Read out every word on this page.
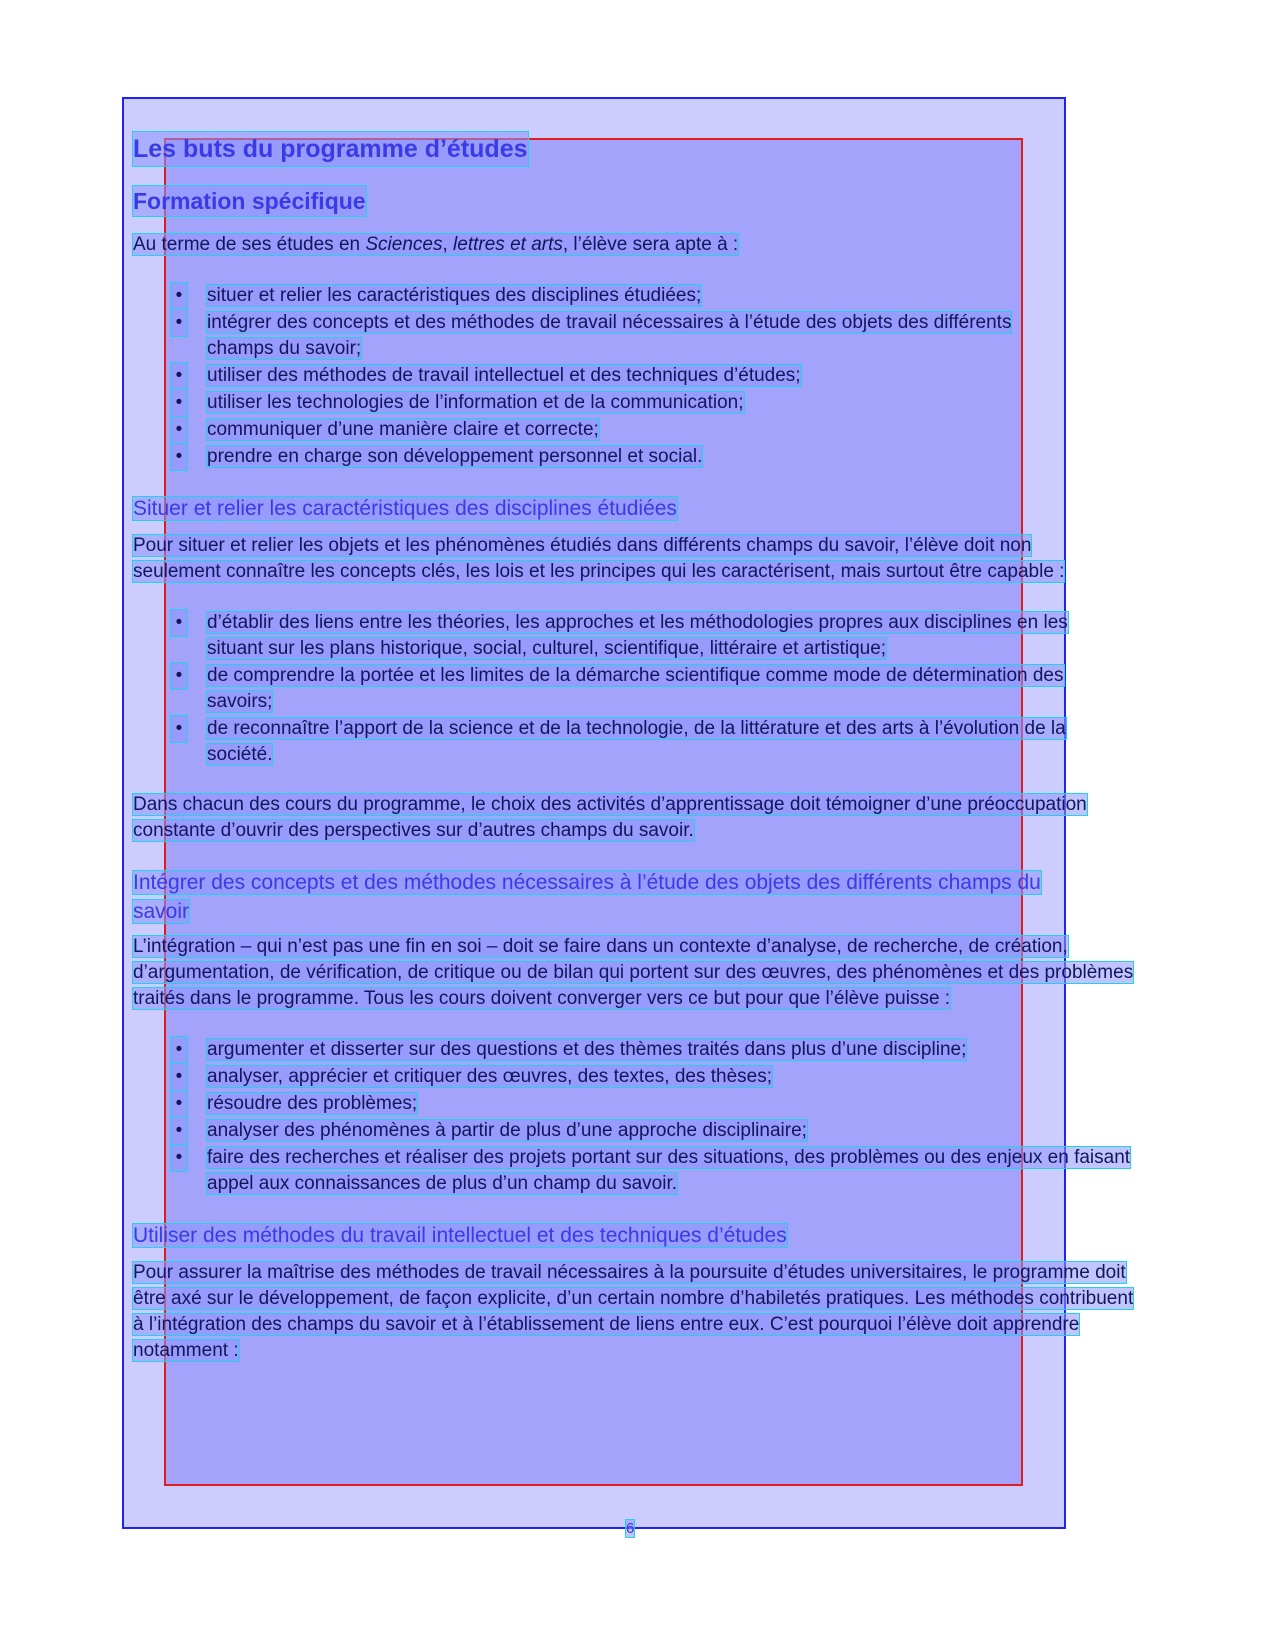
Les buts du programme d’études
Formation spécifique

Au terme de ses études en Sciences, lettres et arts, l’élève sera apte à :

• situer et relier les caractéristiques des disciplines étudiées;
• intégrer des concepts et des méthodes de travail nécessaires à l’étude des objets des différents champs du savoir;
• utiliser des méthodes de travail intellectuel et des techniques d’études;
• utiliser les technologies de l’information et de la communication;
• communiquer d’une manière claire et correcte;
• prendre en charge son développement personnel et social.
Situer et relier les caractéristiques des disciplines étudiées

Pour situer et relier les objets et les phénomènes étudiés dans différents champs du savoir, l’élève doit non seulement connaître les concepts clés, les lois et les principes qui les caractérisent, mais surtout être capable :

• d’établir des liens entre les théories, les approches et les méthodologies propres aux disciplines en les situant sur les plans historique, social, culturel, scientifique, littéraire et artistique;
• de comprendre la portée et les limites de la démarche scientifique comme mode de détermination des savoirs;
• de reconnaître l’apport de la science et de la technologie, de la littérature et des arts à l’évolution de la société.

Dans chacun des cours du programme, le choix des activités d’apprentissage doit témoigner d’une préoccupation constante d’ouvrir des perspectives sur d’autres champs du savoir.

Intégrer des concepts et des méthodes nécessaires à l’étude des objets des différents champs du savoir

L’intégration – qui n’est pas une fin en soi – doit se faire dans un contexte d’analyse, de recherche, de création, d’argumentation, de vérification, de critique ou de bilan qui portent sur des œuvres, des phénomènes et des problèmes traités dans le programme. Tous les cours doivent converger vers ce but pour que l’élève puisse :

• argumenter et disserter sur des questions et des thèmes traités dans plus d’une discipline;
• analyser, apprécier et critiquer des œuvres, des textes, des thèses;
• résoudre des problèmes;
• analyser des phénomènes à partir de plus d’une approche disciplinaire;
• faire des recherches et réaliser des projets portant sur des situations, des problèmes ou des enjeux en faisant appel aux connaissances de plus d’un champ du savoir.
Utiliser des méthodes du travail intellectuel et des techniques d’études

Pour assurer la maîtrise des méthodes de travail nécessaires à la poursuite d’études universitaires, le programme doit être axé sur le développement, de façon explicite, d’un certain nombre d’habiletés pratiques. Les méthodes contribuent à l’intégration des champs du savoir et à l’établissement de liens entre eux. C’est pourquoi l’élève doit apprendre notamment :

6
